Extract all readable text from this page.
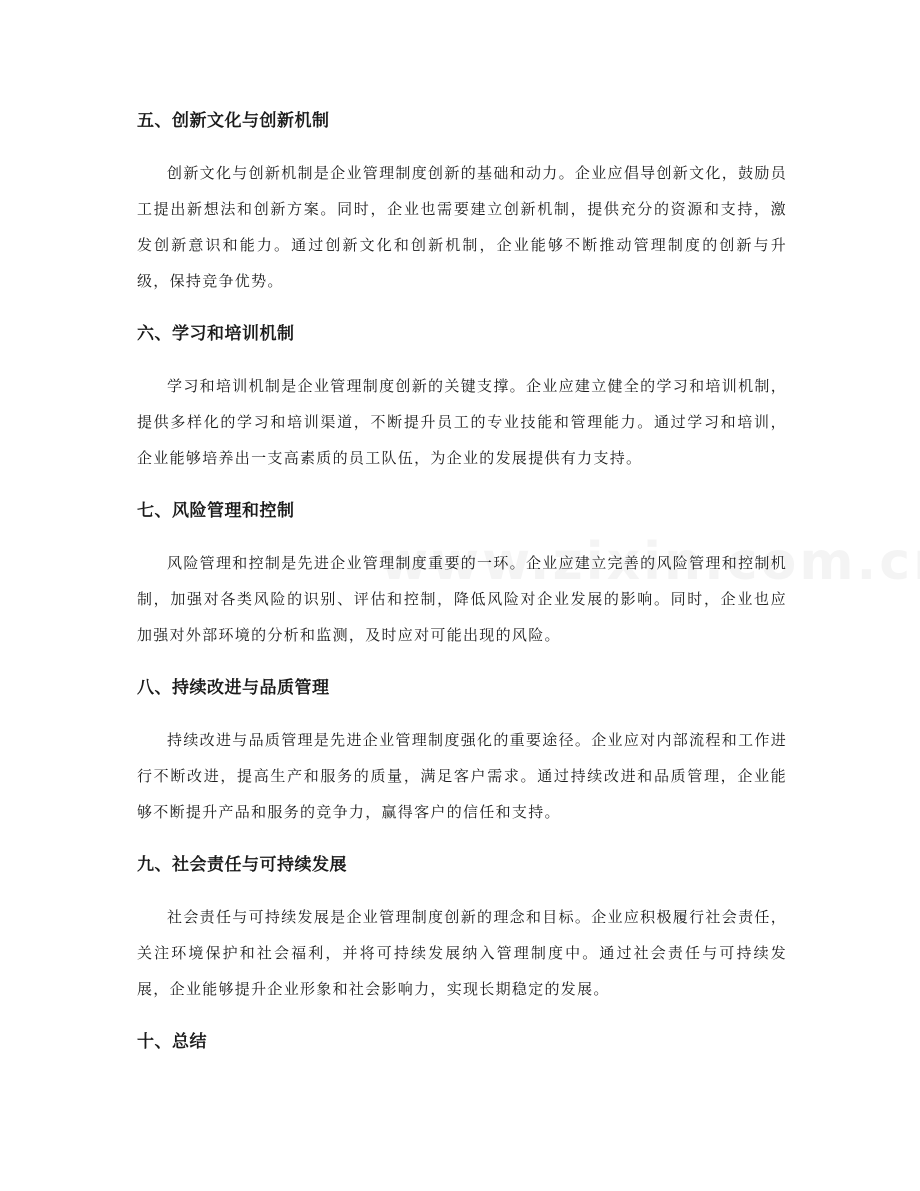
五、创新文化与创新机制

创新文化与创新机制是企业管理制度创新的基础和动力。企业应倡导创新文化，鼓励员工提出新想法和创新方案。同时，企业也需要建立创新机制，提供充分的资源和支持，激发创新意识和能力。通过创新文化和创新机制，企业能够不断推动管理制度的创新与升级，保持竞争优势。

六、学习和培训机制

学习和培训机制是企业管理制度创新的关键支撑。企业应建立健全的学习和培训机制，提供多样化的学习和培训渠道，不断提升员工的专业技能和管理能力。通过学习和培训，企业能够培养出一支高素质的员工队伍，为企业的发展提供有力支持。

七、风险管理和控制

风险管理和控制是先进企业管理制度重要的一环。企业应建立完善的风险管理和控制机制，加强对各类风险的识别、评估和控制，降低风险对企业发展的影响。同时，企业也应加强对外部环境的分析和监测，及时应对可能出现的风险。

八、持续改进与品质管理

持续改进与品质管理是先进企业管理制度强化的重要途径。企业应对内部流程和工作进行不断改进，提高生产和服务的质量，满足客户需求。通过持续改进和品质管理，企业能够不断提升产品和服务的竞争力，赢得客户的信任和支持。

九、社会责任与可持续发展

社会责任与可持续发展是企业管理制度创新的理念和目标。企业应积极履行社会责任，关注环境保护和社会福利，并将可持续发展纳入管理制度中。通过社会责任与可持续发展，企业能够提升企业形象和社会影响力，实现长期稳定的发展。

十、总结
